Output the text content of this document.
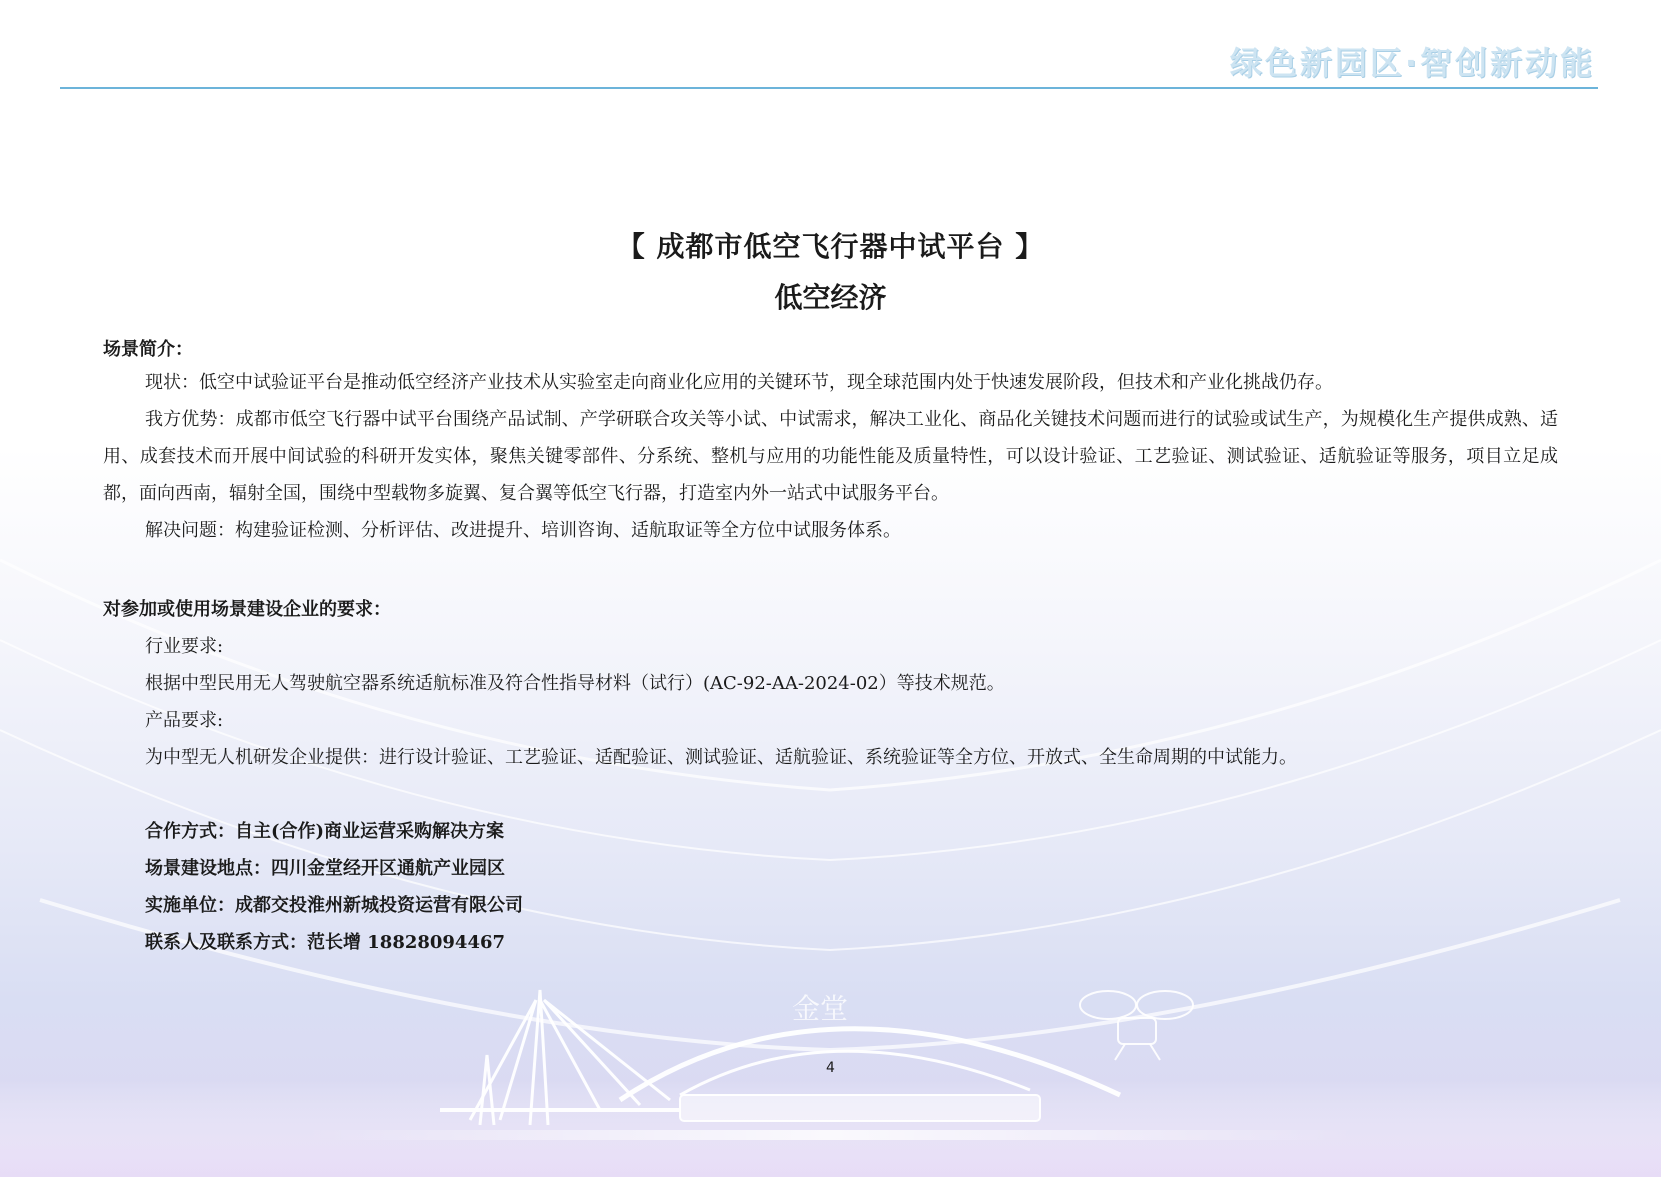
金堂
绿色新园区·智创新动能
【 成都市低空飞行器中试平台 】
低空经济
场景简介：
现状：低空中试验证平台是推动低空经济产业技术从实验室走向商业化应用的关键环节，现全球范围内处于快速发展阶段，但技术和产业化挑战仍存。
我方优势：成都市低空飞行器中试平台围绕产品试制、产学研联合攻关等小试、中试需求，解决工业化、商品化关键技术问题而进行的试验或试生产，为规模化生产提供成熟、适用、成套技术而开展中间试验的科研开发实体，聚焦关键零部件、分系统、整机与应用的功能性能及质量特性，可以设计验证、工艺验证、测试验证、适航验证等服务，项目立足成都，面向西南，辐射全国，围绕中型载物多旋翼、复合翼等低空飞行器，打造室内外一站式中试服务平台。
解决问题：构建验证检测、分析评估、改进提升、培训咨询、适航取证等全方位中试服务体系。
对参加或使用场景建设企业的要求：
行业要求:
根据中型民用无人驾驶航空器系统适航标准及符合性指导材料（试行）(AC-92-AA-2024-02）等技术规范。
产品要求:
为中型无人机研发企业提供：进行设计验证、工艺验证、适配验证、测试验证、适航验证、系统验证等全方位、开放式、全生命周期的中试能力。
合作方式：自主(合作)商业运营采购解决方案
场景建设地点：四川金堂经开区通航产业园区
实施单位：成都交投淮州新城投资运营有限公司
联系人及联系方式：范长增 18828094467
4
